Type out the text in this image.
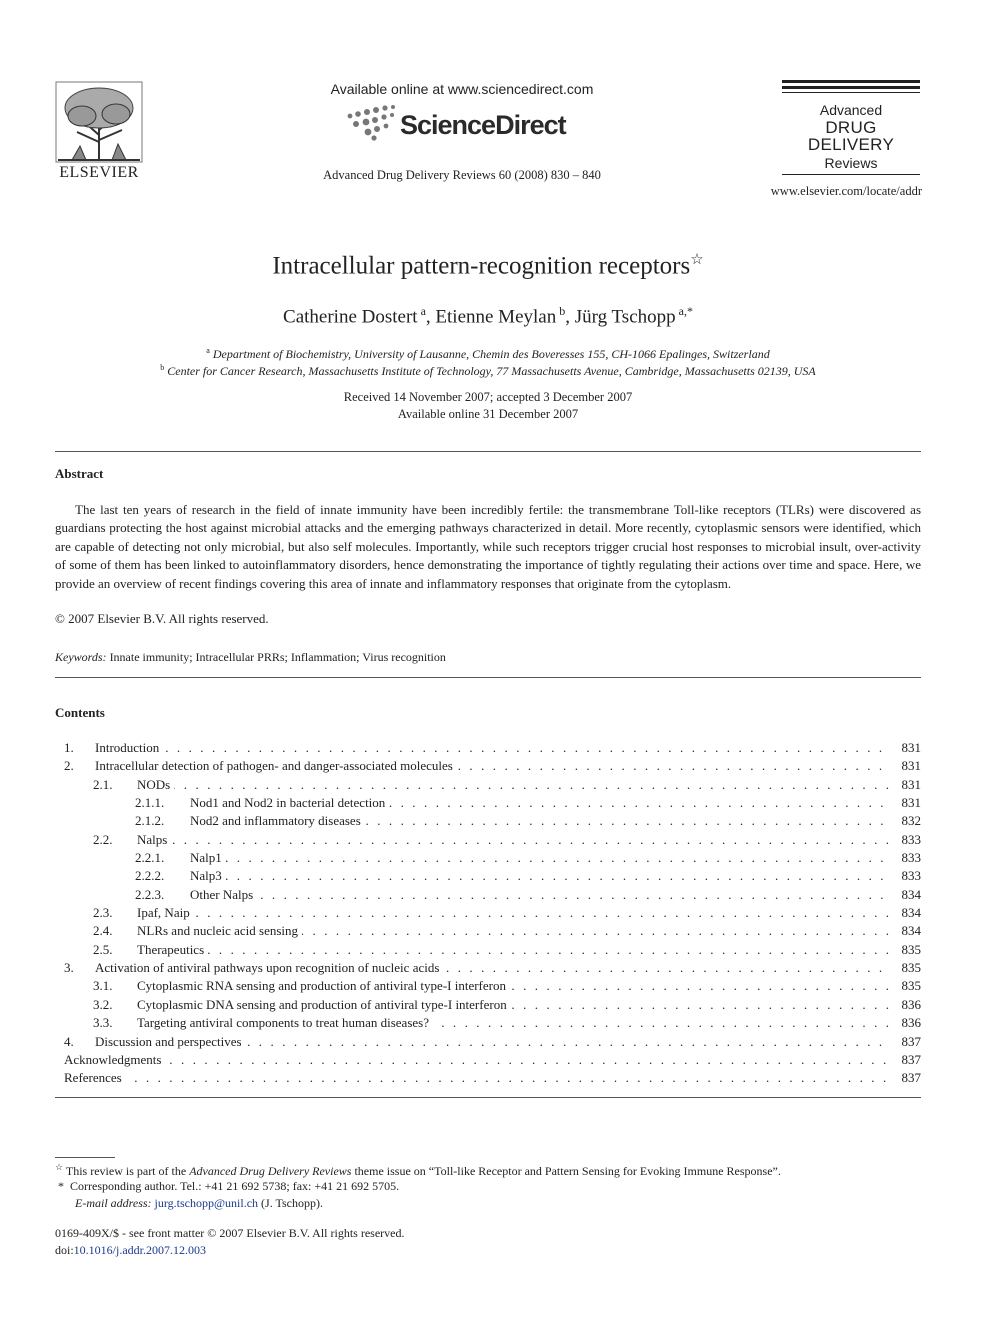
ELSEVIER
Available online at www.sciencedirect.com
ScienceDirect
Advanced Drug Delivery Reviews 60 (2008) 830 – 840
Advanced
DRUG DELIVERY
Reviews
www.elsevier.com/locate/addr
Intracellular pattern-recognition receptors☆
Catherine Dostert $^a$, Etienne Meylan $^b$, Jürg Tschopp $^{a,*}$
$^a$ Department of Biochemistry, University of Lausanne, Chemin des Boveresses 155, CH-1066 Epalinges, Switzerland
$^b$ Center for Cancer Research, Massachusetts Institute of Technology, 77 Massachusetts Avenue, Cambridge, Massachusetts 02139, USA
Received 14 November 2007; accepted 3 December 2007
Available online 31 December 2007
Abstract
The last ten years of research in the field of innate immunity have been incredibly fertile: the transmembrane Toll-like receptors (TLRs) were discovered as guardians protecting the host against microbial attacks and the emerging pathways characterized in detail. More recently, cytoplasmic sensors were identified, which are capable of detecting not only microbial, but also self molecules. Importantly, while such receptors trigger crucial host responses to microbial insult, over-activity of some of them has been linked to autoinflammatory disorders, hence demonstrating the importance of tightly regulating their actions over time and space. Here, we provide an overview of recent findings covering this area of innate and inflammatory responses that originate from the cytoplasm.
© 2007 Elsevier B.V. All rights reserved.
Keywords: Innate immunity; Intracellular PRRs; Inflammation; Virus recognition
Contents
1. Introduction . . .	831
2. Intracellular detection of pathogen- and danger-associated molecules . . .	831
2.1. NODs . . .	831
2.1.1. Nod1 and Nod2 in bacterial detection . . .	831
2.1.2. Nod2 and inflammatory diseases . . .	832
2.2. Nalps . . .	833
2.2.1. Nalp1 . . .	833
2.2.2. Nalp3 . . .	833
2.2.3. Other Nalps . . .	834
2.3. Ipaf, Naip . . .	834
2.4. NLRs and nucleic acid sensing . . .	834
2.5. Therapeutics . . .	835
3. Activation of antiviral pathways upon recognition of nucleic acids . . .	835
3.1. Cytoplasmic RNA sensing and production of antiviral type-I interferon . . .	835
3.2. Cytoplasmic DNA sensing and production of antiviral type-I interferon . . .	836
3.3. Targeting antiviral components to treat human diseases? . . .	836
4. Discussion and perspectives . . .	837
Acknowledgments . . .	837
References . . .	837
☆ This review is part of the Advanced Drug Delivery Reviews theme issue on “Toll-like Receptor and Pattern Sensing for Evoking Immune Response”.
* Corresponding author. Tel.: +41 21 692 5738; fax: +41 21 692 5705.
E-mail address: jurg.tschopp@unil.ch (J. Tschopp).
0169-409X/$ - see front matter © 2007 Elsevier B.V. All rights reserved.
doi:10.1016/j.addr.2007.12.003
